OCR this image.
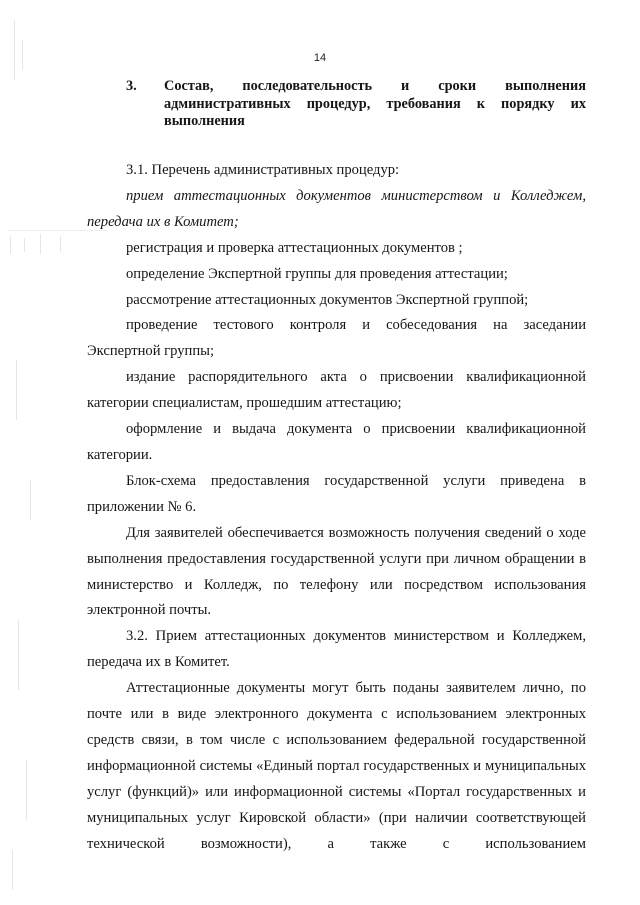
14
3. Состав, последовательность и сроки выполнения
административных процедур, требования к порядку их выполнения

3.1. Перечень административных процедур:

прием аттестационных документов министерством и Колледжем, передача их в Комитет;

регистрация и проверка аттестационных документов ;

определение Экспертной группы для проведения аттестации;

рассмотрение аттестационных документов Экспертной группой;

проведение тестового контроля и собеседования на заседании Экспертной группы;

издание распорядительного акта о присвоении квалификационной категории специалистам, прошедшим аттестацию;

оформление и выдача документа о присвоении квалификационной категории.

Блок-схема предоставления государственной услуги приведена в приложении № 6.

Для заявителей обеспечивается возможность получения сведений о ходе выполнения предоставления государственной услуги при личном обращении в министерство и Колледж, по телефону или посредством использования электронной почты.

3.2. Прием аттестационных документов министерством и Колледжем, передача их в Комитет.

Аттестационные документы могут быть поданы заявителем лично, по почте или в виде электронного документа с использованием электронных средств связи, в том числе с использованием федеральной государственной информационной системы «Единый портал государственных и муниципальных услуг (функций)» или информационной системы «Портал государственных и муниципальных услуг Кировской области» (при наличии соответствующей технической возможности), а также с использованием
